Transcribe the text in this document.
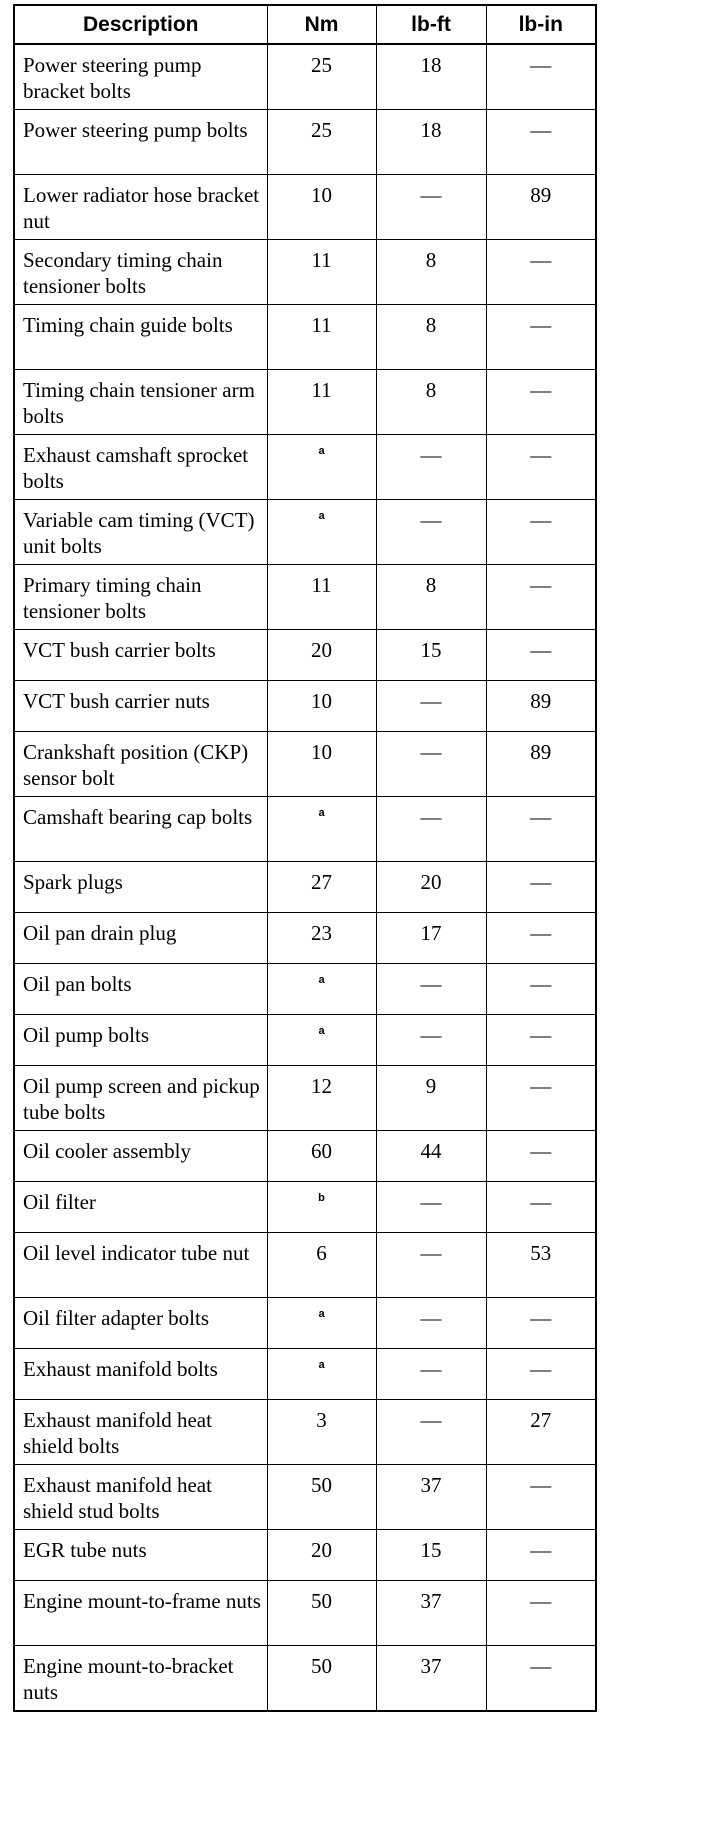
Description	Nm	lb-ft	lb-in
Power steering pump bracket bolts	25	18	—
Power steering pump bolts	25	18	—
Lower radiator hose bracket nut	10	—	89
Secondary timing chain tensioner bolts	11	8	—
Timing chain guide bolts	11	8	—
Timing chain tensioner arm bolts	11	8	—
Exhaust camshaft sprocket bolts	$^a$	—	—
Variable cam timing (VCT) unit bolts	$^a$	—	—
Primary timing chain tensioner bolts	11	8	—
VCT bush carrier bolts	20	15	—
VCT bush carrier nuts	10	—	89
Crankshaft position (CKP) sensor bolt	10	—	89
Camshaft bearing cap bolts	$^a$	—	—
Spark plugs	27	20	—
Oil pan drain plug	23	17	—
Oil pan bolts	$^a$	—	—
Oil pump bolts	$^a$	—	—
Oil pump screen and pickup tube bolts	12	9	—
Oil cooler assembly	60	44	—
Oil filter	$^b$	—	—
Oil level indicator tube nut	6	—	53
Oil filter adapter bolts	$^a$	—	—
Exhaust manifold bolts	$^a$	—	—
Exhaust manifold heat shield bolts	3	—	27
Exhaust manifold heat shield stud bolts	50	37	—
EGR tube nuts	20	15	—
Engine mount-to-frame nuts	50	37	—
Engine mount-to-bracket nuts	50	37	—
